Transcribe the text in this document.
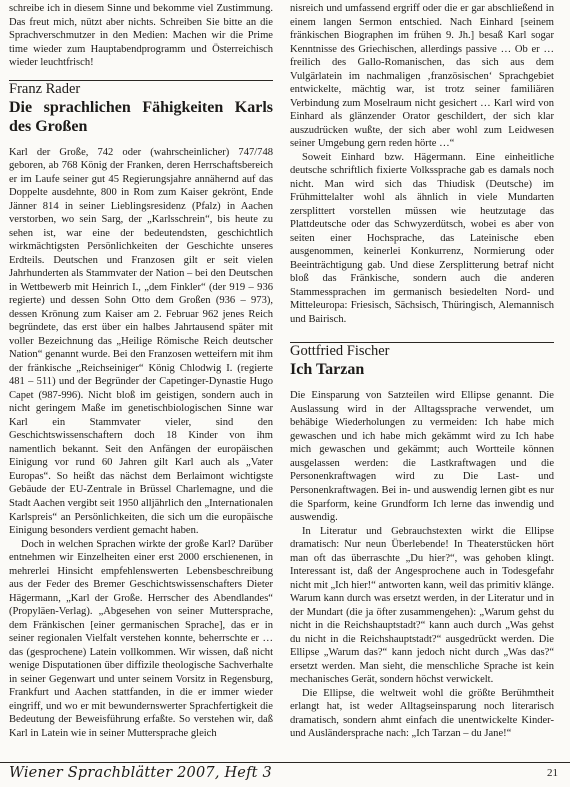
schreibe ich in diesem Sinne und bekomme viel Zustimmung. Das freut mich, nützt aber nichts. Schreiben Sie bitte an die Sprachverschmutzer in den Medien: Machen wir die Prime time wieder zum Hauptabendprogramm und Österreichisch wieder leuchtfrisch!

Franz Rader
Die sprachlichen Fähigkeiten Karls des Großen

Karl der Große, 742 oder (wahrscheinlicher) 747/748 geboren, ab 768 König der Franken, deren Herrschaftsbereich er im Laufe seiner gut 45 Regierungsjahre annähernd auf das Doppelte ausdehnte, 800 in Rom zum Kaiser gekrönt, Ende Jänner 814 in seiner Lieblingsresidenz (Pfalz) in Aachen verstorben, wo sein Sarg, der „Karlsschrein“, bis heute zu sehen ist, war eine der bedeutendsten, geschichtlich wirkmächtigsten Persönlichkeiten der Geschichte unseres Erdteils. Deutschen und Franzosen gilt er seit vielen Jahrhunderten als Stammvater der Nation – bei den Deutschen in Wettbewerb mit Heinrich I., „dem Finkler“ (der 919 – 936 regierte) und dessen Sohn Otto dem Großen (936 – 973), dessen Krönung zum Kaiser am 2. Februar 962 jenes Reich begründete, das erst über ein halbes Jahrtausend später mit voller Bezeichnung das „Heilige Römische Reich deutscher Nation“ genannt wurde. Bei den Franzosen wetteifern mit ihm der fränkische „Reichseiniger“ König Chlodwig I. (regierte 481 – 511) und der Begründer der Capetinger-Dynastie Hugo Capet (987-996). Nicht bloß im geistigen, sondern auch in nicht geringem Maße im genetischbiologischen Sinne war Karl ein Stammvater vieler, sind den Geschichtswissenschaftern doch 18 Kinder von ihm namentlich bekannt. Seit den Anfängen der europäischen Einigung vor rund 60 Jahren gilt Karl auch als „Vater Europas“. So heißt das nächst dem Berlaimont wichtigste Gebäude der EU-Zentrale in Brüssel Charlemagne, und die Stadt Aachen vergibt seit 1950 alljährlich den „Internationalen Karlspreis“ an Persönlichkeiten, die sich um die europäische Einigung besonders verdient gemacht haben.

Doch in welchen Sprachen wirkte der große Karl? Darüber entnehmen wir Einzelheiten einer erst 2000 erschienenen, in mehrerlei Hinsicht empfehlenswerten Lebensbeschreibung aus der Feder des Bremer Geschichtswissenschafters Dieter Hägermann, „Karl der Große. Herrscher des Abendlandes“ (Propyläen-Verlag). „Abgesehen von seiner Muttersprache, dem Fränkischen [einer germanischen Sprache], das er in seiner regionalen Vielfalt verstehen konnte, beherrschte er … das (gesprochene) Latein vollkommen. Wir wissen, daß nicht wenige Disputationen über diffizile theologische Sachverhalte in seiner Gegenwart und unter seinem Vorsitz in Regensburg, Frankfurt und Aachen stattfanden, in die er immer wieder eingriff, und wo er mit bewundernswerter Sprachfertigkeit die Bedeutung der Beweisführung erfaßte. So verstehen wir, daß Karl in Latein wie in seiner Muttersprache gleich

nisreich und umfassend ergriff oder die er gar abschließend in einem langen Sermon entschied. Nach Einhard [seinem fränkischen Biographen im frühen 9. Jh.] besaß Karl sogar Kenntnisse des Griechischen, allerdings passive … Ob er … freilich des Gallo-Romanischen, das sich aus dem Vulgärlatein im nachmaligen ‚französischen‘ Sprachgebiet entwickelte, mächtig war, ist trotz seiner familiären Verbindung zum Moselraum nicht gesichert … Karl wird von Einhard als glänzender Orator geschildert, der sich klar auszudrücken wußte, der sich aber wohl zum Leidwesen seiner Umgebung gern reden hörte …“

Soweit Einhard bzw. Hägermann. Eine einheitliche deutsche schriftlich fixierte Volkssprache gab es damals noch nicht. Man wird sich das Thiudisk (Deutsche) im Frühmittelalter wohl als ähnlich in viele Mundarten zersplittert vorstellen müssen wie heutzutage das Plattdeutsche oder das Schwyzerdütsch, wobei es aber von seiten einer Hochsprache, das Lateinische eben ausgenommen, keinerlei Konkurrenz, Normierung oder Beeinträchtigung gab. Und diese Zersplitterung betraf nicht bloß das Fränkische, sondern auch die anderen Stammessprachen im germanisch besiedelten Nord- und Mitteleuropa: Friesisch, Sächsisch, Thüringisch, Alemannisch und Bairisch.

Gottfried Fischer
Ich Tarzan

Die Einsparung von Satzteilen wird Ellipse genannt. Die Auslassung wird in der Alltagssprache verwendet, um behäbige Wiederholungen zu vermeiden: Ich habe mich gewaschen und ich habe mich gekämmt wird zu Ich habe mich gewaschen und gekämmt; auch Wortteile können ausgelassen werden: die Lastkraftwagen und die Personenkraftwagen wird zu Die Last- und Personenkraftwagen. Bei in- und auswendig lernen gibt es nur die Sparform, keine Grundform Ich lerne das inwendig und auswendig.

In Literatur und Gebrauchstexten wirkt die Ellipse dramatisch: Nur neun Überlebende! In Theaterstücken hört man oft das überraschte „Du hier?“, was gehoben klingt. Interessant ist, daß der Angesprochene auch in Todesgefahr nicht mit „Ich hier!“ antworten kann, weil das primitiv klänge. Warum kann durch was ersetzt werden, in der Literatur und in der Mundart (die ja öfter zusammengehen): „Warum gehst du nicht in die Reichshauptstadt?“ kann auch durch „Was gehst du nicht in die Reichshauptstadt?“ ausgedrückt werden. Die Ellipse „Warum das?“ kann jedoch nicht durch „Was das?“ ersetzt werden. Man sieht, die menschliche Sprache ist kein mechanisches Gerät, sondern höchst verwickelt.

Die Ellipse, die weltweit wohl die größte Berühmtheit erlangt hat, ist weder Alltagseinsparung noch literarisch dramatisch, sondern ahmt einfach die unentwickelte Kinder- und Ausländersprache nach: „Ich Tarzan – du Jane!“

Wiener Sprachblätter 2007, Heft 3	21
